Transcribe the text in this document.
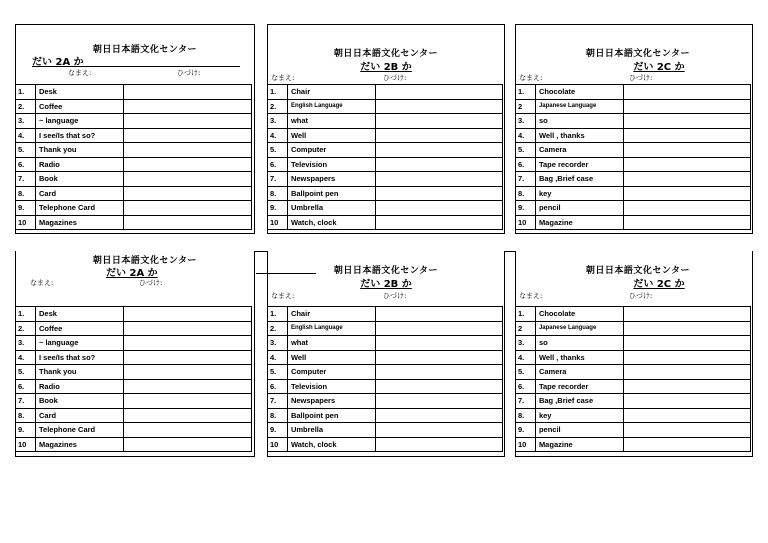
朝日日本語文化センター
だい 2A か
なまえ:	ひづけ:
1.	Desk	
2.	Coffee	
3.	~ language	
4.	I see/Is that so?	
5.	Thank you	
6.	Radio	
7.	Book	
8.	Card	
9.	Telephone Card	
10	Magazines	
朝日日本語文化センター
だい 2B か
なまえ:	ひづけ:
1.	Chair	
2.	English Language	
3.	what	
4.	Well	
5.	Computer	
6.	Television	
7.	Newspapers	
8.	Ballpoint pen	
9.	Umbrella	
10	Watch, clock	
朝日日本語文化センター
だい 2C か
なまえ:	ひづけ:
1.	Chocolate	
2	Japanese Language	
3.	so	
4.	Well , thanks	
5.	Camera	
6.	Tape recorder	
7.	Bag ,Brief case	
8.	key	
9.	pencil	
10	Magazine	
朝日日本語文化センター
だい 2A か
なまえ:	ひづけ:
1.	Desk	
2.	Coffee	
3.	~ language	
4.	I see/Is that so?	
5.	Thank you	
6.	Radio	
7.	Book	
8.	Card	
9.	Telephone Card	
10	Magazines	
朝日日本語文化センター
だい 2B か
なまえ:	ひづけ:
1.	Chair	
2.	English Language	
3.	what	
4.	Well	
5.	Computer	
6.	Television	
7.	Newspapers	
8.	Ballpoint pen	
9.	Umbrella	
10	Watch, clock	
朝日日本語文化センター
だい 2C か
なまえ:	ひづけ:
1.	Chocolate	
2	Japanese Language	
3.	so	
4.	Well , thanks	
5.	Camera	
6.	Tape recorder	
7.	Bag ,Brief case	
8.	key	
9.	pencil	
10	Magazine	
